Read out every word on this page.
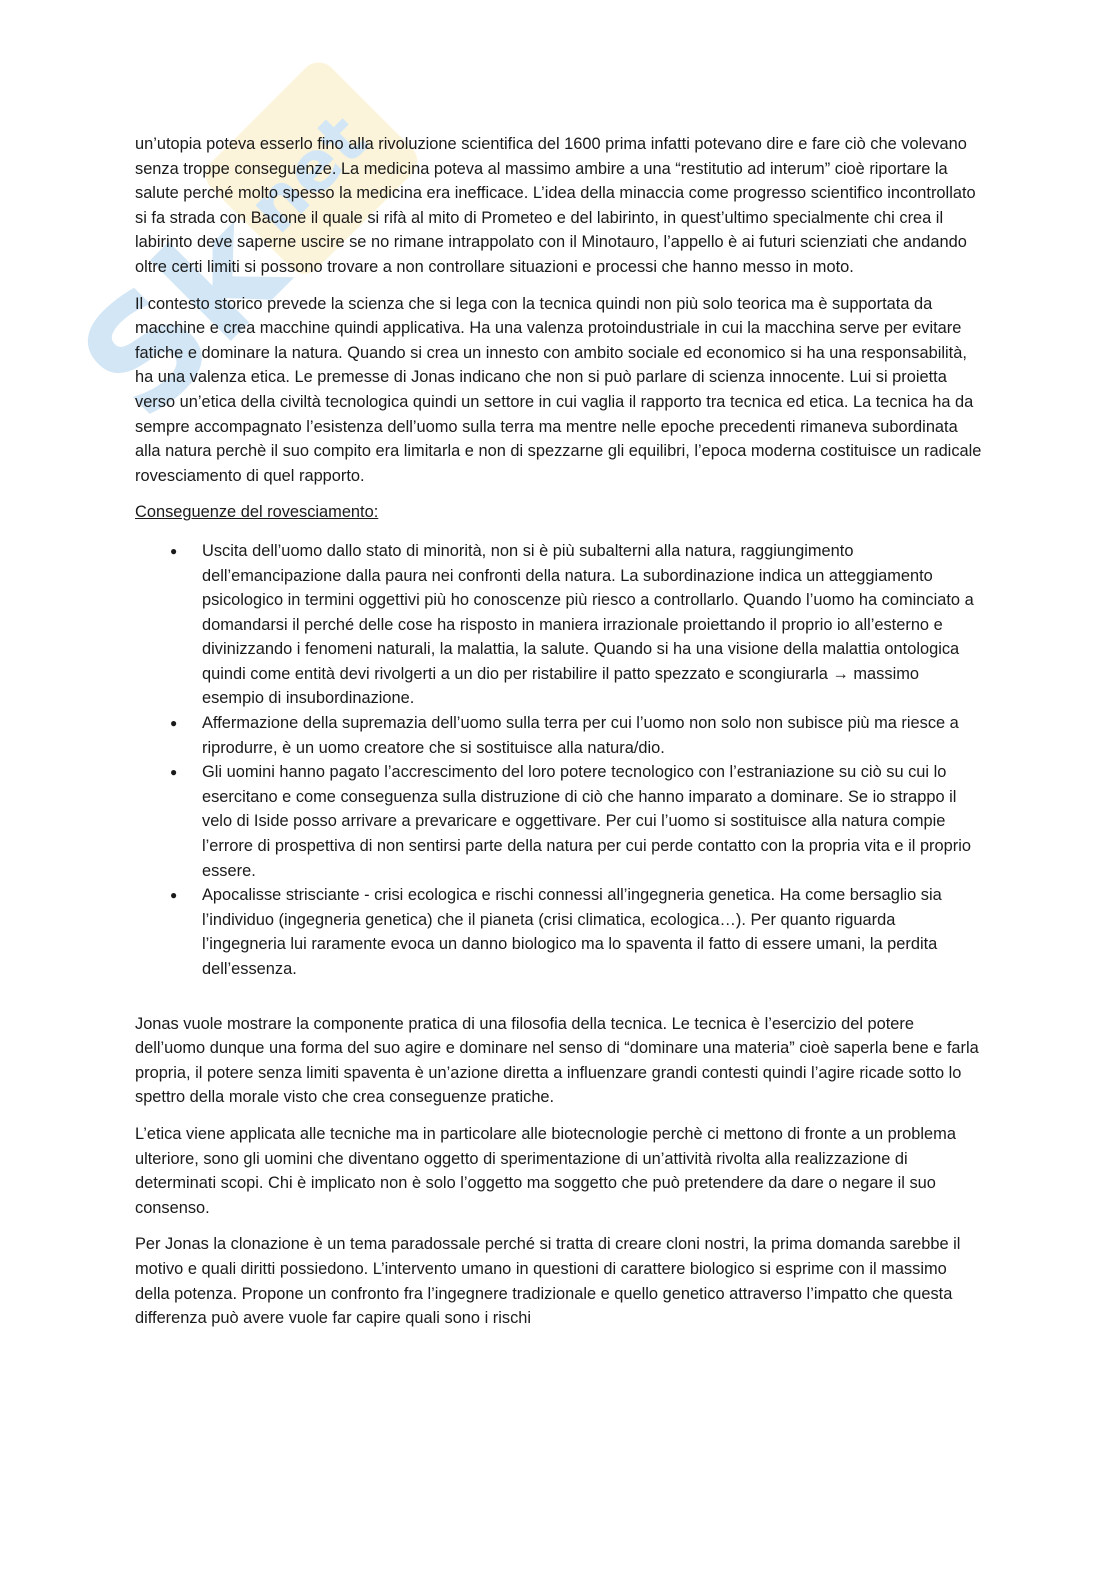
Sk
net

un’utopia poteva esserlo fino alla rivoluzione scientifica del 1600 prima infatti potevano dire e fare ciò che volevano senza troppe conseguenze. La medicina poteva al massimo ambire a una “restitutio ad interum” cioè riportare la salute perché molto spesso la medicina era inefficace. L’idea della minaccia come progresso scientifico incontrollato si fa strada con Bacone il quale si rifà al mito di Prometeo e del labirinto, in quest’ultimo specialmente chi crea il labirinto deve saperne uscire se no rimane intrappolato con il Minotauro, l’appello è ai futuri scienziati che andando oltre certi limiti si possono trovare a non controllare situazioni e processi che hanno messo in moto.

Il contesto storico prevede la scienza che si lega con la tecnica quindi non più solo teorica ma è supportata da macchine e crea macchine quindi applicativa. Ha una valenza protoindustriale in cui la macchina serve per evitare fatiche e dominare la natura. Quando si crea un innesto con ambito sociale ed economico si ha una responsabilità, ha una valenza etica. Le premesse di Jonas indicano che non si può parlare di scienza innocente. Lui si proietta verso un’etica della civiltà tecnologica quindi un settore in cui vaglia il rapporto tra tecnica ed etica. La tecnica ha da sempre accompagnato l’esistenza dell’uomo sulla terra ma mentre nelle epoche precedenti rimaneva subordinata alla natura perchè il suo compito era limitarla e non di spezzarne gli equilibri, l’epoca moderna costituisce un radicale rovesciamento di quel rapporto.

Conseguenze del rovesciamento:
● Uscita dell’uomo dallo stato di minorità, non si è più subalterni alla natura, raggiungimento dell’emancipazione dalla paura nei confronti della natura. La subordinazione indica un atteggiamento psicologico in termini oggettivi più ho conoscenze più riesco a controllarlo. Quando l’uomo ha cominciato a domandarsi il perché delle cose ha risposto in maniera irrazionale proiettando il proprio io all’esterno e divinizzando i fenomeni naturali, la malattia, la salute. Quando si ha una visione della malattia ontologica quindi come entità devi rivolgerti a un dio per ristabilire il patto spezzato e scongiurarla → massimo esempio di insubordinazione.
● Affermazione della supremazia dell’uomo sulla terra per cui l’uomo non solo non subisce più ma riesce a riprodurre, è un uomo creatore che si sostituisce alla natura/dio.
● Gli uomini hanno pagato l’accrescimento del loro potere tecnologico con l’estraniazione su ciò su cui lo esercitano e come conseguenza sulla distruzione di ciò che hanno imparato a dominare. Se io strappo il velo di Iside posso arrivare a prevaricare e oggettivare. Per cui l’uomo si sostituisce alla natura compie l’errore di prospettiva di non sentirsi parte della natura per cui perde contatto con la propria vita e il proprio essere.
● Apocalisse strisciante - crisi ecologica e rischi connessi all’ingegneria genetica. Ha come bersaglio sia l’individuo (ingegneria genetica) che il pianeta (crisi climatica, ecologica…). Per quanto riguarda l’ingegneria lui raramente evoca un danno biologico ma lo spaventa il fatto di essere umani, la perdita dell’essenza.

Jonas vuole mostrare la componente pratica di una filosofia della tecnica. Le tecnica è l’esercizio del potere dell’uomo dunque una forma del suo agire e dominare nel senso di “dominare una materia” cioè saperla bene e farla propria, il potere senza limiti spaventa è un’azione diretta a influenzare grandi contesti quindi l’agire ricade sotto lo spettro della morale visto che crea conseguenze pratiche.

L’etica viene applicata alle tecniche ma in particolare alle biotecnologie perchè ci mettono di fronte a un problema ulteriore, sono gli uomini che diventano oggetto di sperimentazione di un’attività rivolta alla realizzazione di determinati scopi. Chi è implicato non è solo l’oggetto ma soggetto che può pretendere da dare o negare il suo consenso.

Per Jonas la clonazione è un tema paradossale perché si tratta di creare cloni nostri, la prima domanda sarebbe il motivo e quali diritti possiedono. L’intervento umano in questioni di carattere biologico si esprime con il massimo della potenza. Propone un confronto fra l’ingegnere tradizionale e quello genetico attraverso l’impatto che questa differenza può avere vuole far capire quali sono i rischi
